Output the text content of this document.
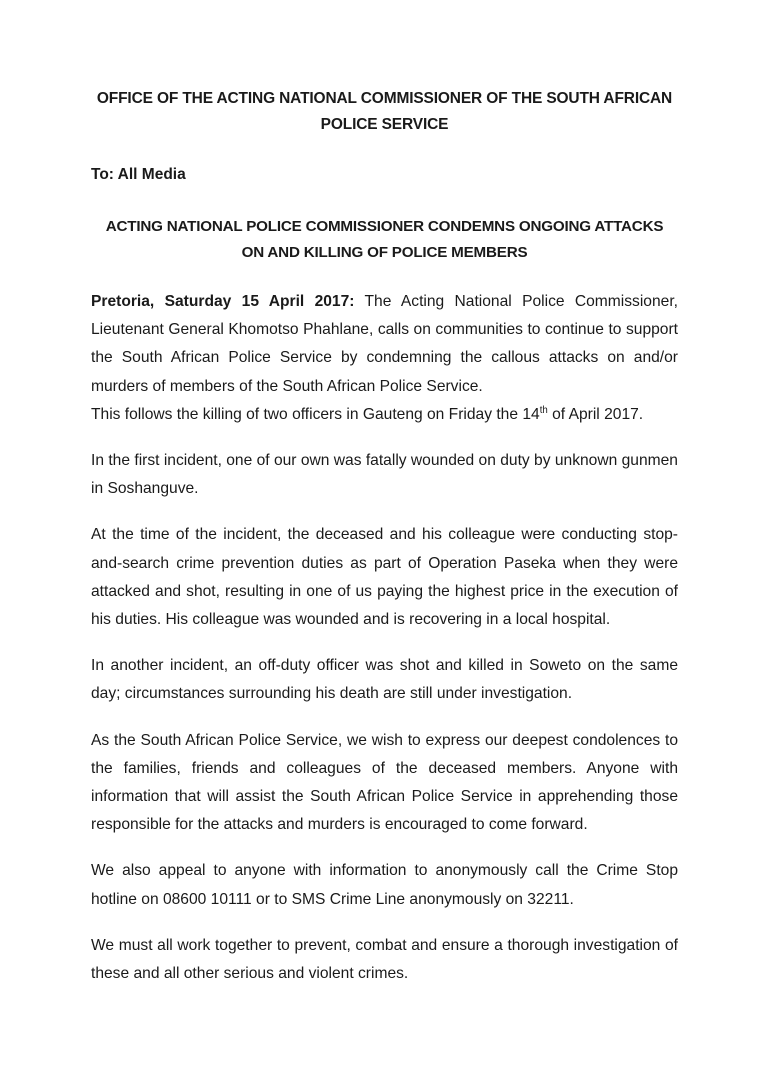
OFFICE OF THE ACTING NATIONAL COMMISSIONER OF THE SOUTH AFRICAN
POLICE SERVICE
To: All Media
ACTING NATIONAL POLICE COMMISSIONER CONDEMNS ONGOING ATTACKS
ON AND KILLING OF POLICE MEMBERS

Pretoria, Saturday 15 April 2017: The Acting National Police Commissioner, Lieutenant General Khomotso Phahlane, calls on communities to continue to support the South African Police Service by condemning the callous attacks on and/or murders of members of the South African Police Service.

This follows the killing of two officers in Gauteng on Friday the 14th of April 2017.

In the first incident, one of our own was fatally wounded on duty by unknown gunmen in Soshanguve.

At the time of the incident, the deceased and his colleague were conducting stop-and-search crime prevention duties as part of Operation Paseka when they were attacked and shot, resulting in one of us paying the highest price in the execution of his duties. His colleague was wounded and is recovering in a local hospital.

In another incident, an off-duty officer was shot and killed in Soweto on the same day; circumstances surrounding his death are still under investigation.

As the South African Police Service, we wish to express our deepest condolences to the families, friends and colleagues of the deceased members. Anyone with information that will assist the South African Police Service in apprehending those responsible for the attacks and murders is encouraged to come forward.

We also appeal to anyone with information to anonymously call the Crime Stop hotline on 08600 10111 or to SMS Crime Line anonymously on 32211.

We must all work together to prevent, combat and ensure a thorough investigation of these and all other serious and violent crimes.
